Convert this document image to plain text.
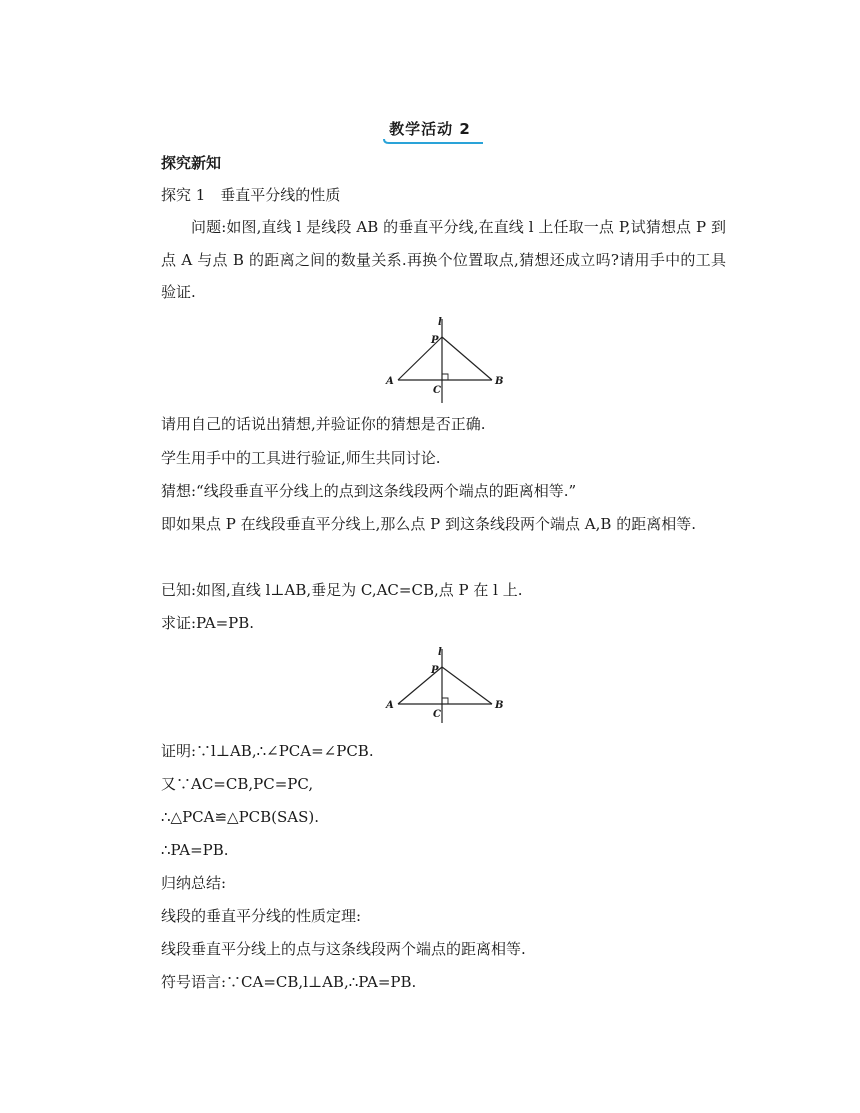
教学活动 2

探究新知

探究 1　垂直平分线的性质

问题:如图,直线 l 是线段 AB 的垂直平分线,在直线 l 上任取一点 P,试猜想点 P 到点 A 与点 B 的距离之间的数量关系.再换个位置取点,猜想还成立吗?请用手中的工具验证.

l
P
A	B
C

请用自己的话说出猜想,并验证你的猜想是否正确.

学生用手中的工具进行验证,师生共同讨论.

猜想:“线段垂直平分线上的点到这条线段两个端点的距离相等.”

即如果点 P 在线段垂直平分线上,那么点 P 到这条线段两个端点 A,B 的距离相等.

已知:如图,直线 l⊥AB,垂足为 C,AC=CB,点 P 在 l 上.

求证:PA=PB.

l
P
A	B
C

证明:∵l⊥AB,∴∠PCA=∠PCB.

又∵AC=CB,PC=PC,

∴△PCA≌△PCB(SAS).

∴PA=PB.

归纳总结:

线段的垂直平分线的性质定理:

线段垂直平分线上的点与这条线段两个端点的距离相等.

符号语言:∵CA=CB,l⊥AB,∴PA=PB.
